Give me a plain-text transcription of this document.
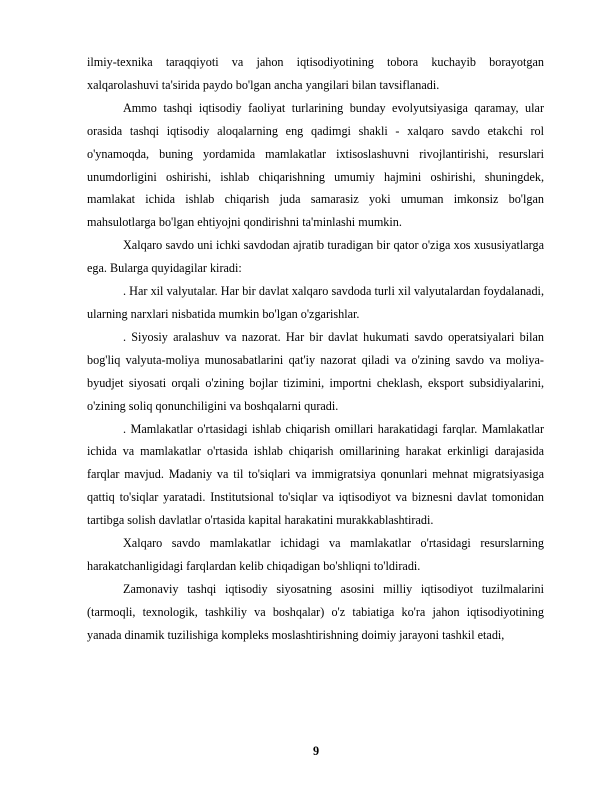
ilmiy-texnika taraqqiyoti va jahon iqtisodiyotining tobora kuchayib borayotgan xalqarolashuvi ta'sirida paydo bo'lgan ancha yangilari bilan tavsiflanadi.

Ammo tashqi iqtisodiy faoliyat turlarining bunday evolyutsiyasiga qaramay, ular orasida tashqi iqtisodiy aloqalarning eng qadimgi shakli - xalqaro savdo etakchi rol o'ynamoqda, buning yordamida mamlakatlar ixtisoslashuvni rivojlantirishi, resurslari unumdorligini oshirishi, ishlab chiqarishning umumiy hajmini oshirishi, shuningdek, mamlakat ichida ishlab chiqarish juda samarasiz yoki umuman imkonsiz bo'lgan mahsulotlarga bo'lgan ehtiyojni qondirishni ta'minlashi mumkin.

Xalqaro savdo uni ichki savdodan ajratib turadigan bir qator o'ziga xos xususiyatlarga ega. Bularga quyidagilar kiradi:

. Har xil valyutalar. Har bir davlat xalqaro savdoda turli xil valyutalardan foydalanadi, ularning narxlari nisbatida mumkin bo'lgan o'zgarishlar.

. Siyosiy aralashuv va nazorat. Har bir davlat hukumati savdo operatsiyalari bilan bog'liq valyuta-moliya munosabatlarini qat'iy nazorat qiladi va o'zining savdo va moliya-byudjet siyosati orqali o'zining bojlar tizimini, importni cheklash, eksport subsidiyalarini, o'zining soliq qonunchiligini va boshqalarni quradi.

. Mamlakatlar o'rtasidagi ishlab chiqarish omillari harakatidagi farqlar. Mamlakatlar ichida va mamlakatlar o'rtasida ishlab chiqarish omillarining harakat erkinligi darajasida farqlar mavjud. Madaniy va til to'siqlari va immigratsiya qonunlari mehnat migratsiyasiga qattiq to'siqlar yaratadi. Institutsional to'siqlar va iqtisodiyot va biznesni davlat tomonidan tartibga solish davlatlar o'rtasida kapital harakatini murakkablashtiradi.

Xalqaro savdo mamlakatlar ichidagi va mamlakatlar o'rtasidagi resurslarning harakatchanligidagi farqlardan kelib chiqadigan bo'shliqni to'ldiradi.

Zamonaviy tashqi iqtisodiy siyosatning asosini milliy iqtisodiyot tuzilmalarini (tarmoqli, texnologik, tashkiliy va boshqalar) o'z tabiatiga ko'ra jahon iqtisodiyotining yanada dinamik tuzilishiga kompleks moslashtirishning doimiy jarayoni tashkil etadi,

9
